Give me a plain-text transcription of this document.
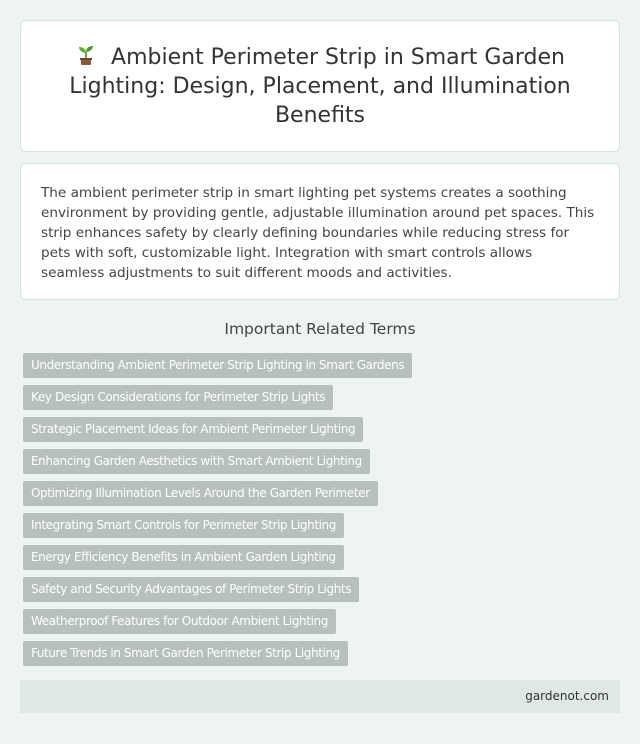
Ambient Perimeter Strip in Smart Garden Lighting: Design, Placement, and Illumination Benefits

The ambient perimeter strip in smart lighting pet systems creates a soothing environment by providing gentle, adjustable illumination around pet spaces. This strip enhances safety by clearly defining boundaries while reducing stress for pets with soft, customizable light. Integration with smart controls allows seamless adjustments to suit different moods and activities.

Important Related Terms
Understanding Ambient Perimeter Strip Lighting in Smart Gardens
Key Design Considerations for Perimeter Strip Lights
Strategic Placement Ideas for Ambient Perimeter Lighting
Enhancing Garden Aesthetics with Smart Ambient Lighting
Optimizing Illumination Levels Around the Garden Perimeter
Integrating Smart Controls for Perimeter Strip Lighting
Energy Efficiency Benefits in Ambient Garden Lighting
Safety and Security Advantages of Perimeter Strip Lights
Weatherproof Features for Outdoor Ambient Lighting
Future Trends in Smart Garden Perimeter Strip Lighting
gardenot.com
